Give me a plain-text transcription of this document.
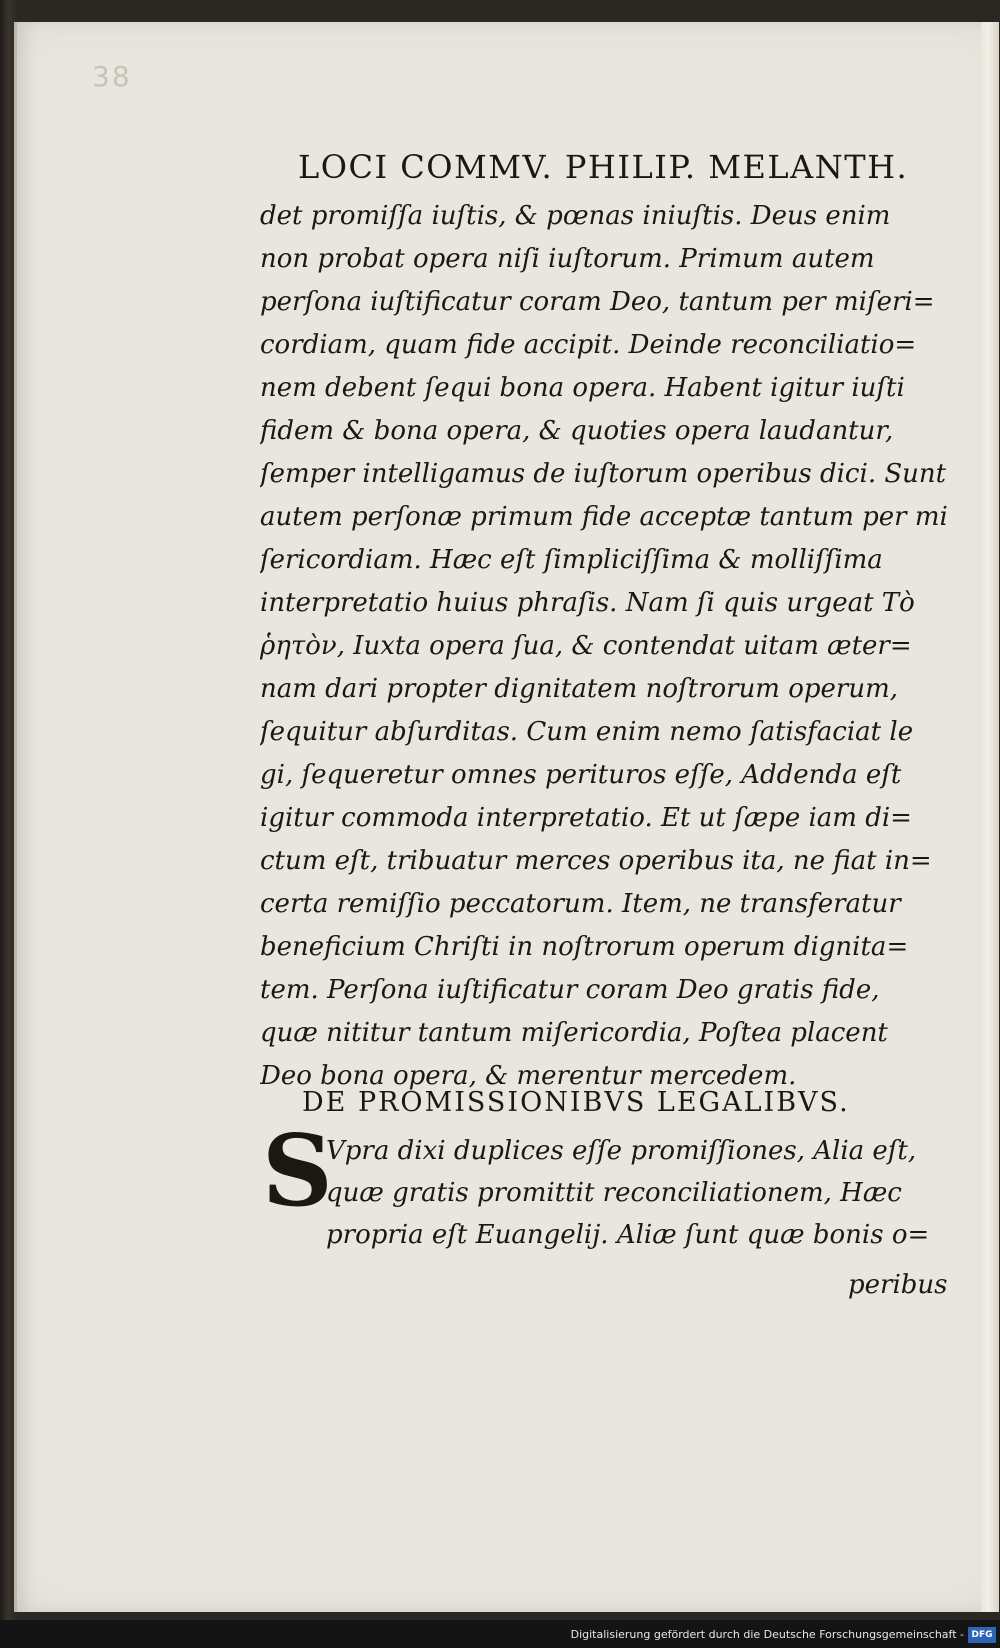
38
LOCI COMMV. PHILIP. MELANTH.
det promiſſa iuſtis, & pœnas iniuſtis. Deus enim
non probat opera niſi iuſtorum. Primum autem
perſona iuſtificatur coram Deo, tantum per miſeri=
cordiam, quam fide accipit. Deinde reconciliatio=
nem debent ſequi bona opera. Habent igitur iuſti
fidem & bona opera, & quoties opera laudantur,
ſemper intelligamus de iuſtorum operibus dici. Sunt
autem perſonæ primum fide acceptæ tantum per mi
ſericordiam. Hæc eſt ſimpliciſſima & molliſſima
interpretatio huius phraſis. Nam ſi quis urgeat Τὸ
ῥητὸν, Iuxta opera ſua, & contendat uitam æter=
nam dari propter dignitatem noſtrorum operum,
ſequitur abſurditas. Cum enim nemo ſatisfaciat le
gi, ſequeretur omnes perituros eſſe, Addenda eſt
igitur commoda interpretatio. Et ut ſæpe iam di=
ctum eſt, tribuatur merces operibus ita, ne fiat in=
certa remiſſio peccatorum. Item, ne transferatur
beneficium Chriſti in noſtrorum operum dignita=
tem. Perſona iuſtificatur coram Deo gratis fide,
quæ nititur tantum miſericordia, Poſtea placent
Deo bona opera, & merentur mercedem.
DE PROMISSIONIBVS LEGALIBVS.
S
Vpra dixi duplices eſſe promiſſiones, Alia eſt,
quæ gratis promittit reconciliationem, Hæc
propria eſt Euangelij. Aliæ ſunt quæ bonis o=
peribus
Digitalisierung gefördert durch die Deutsche Forschungsgemeinschaft - DFG
